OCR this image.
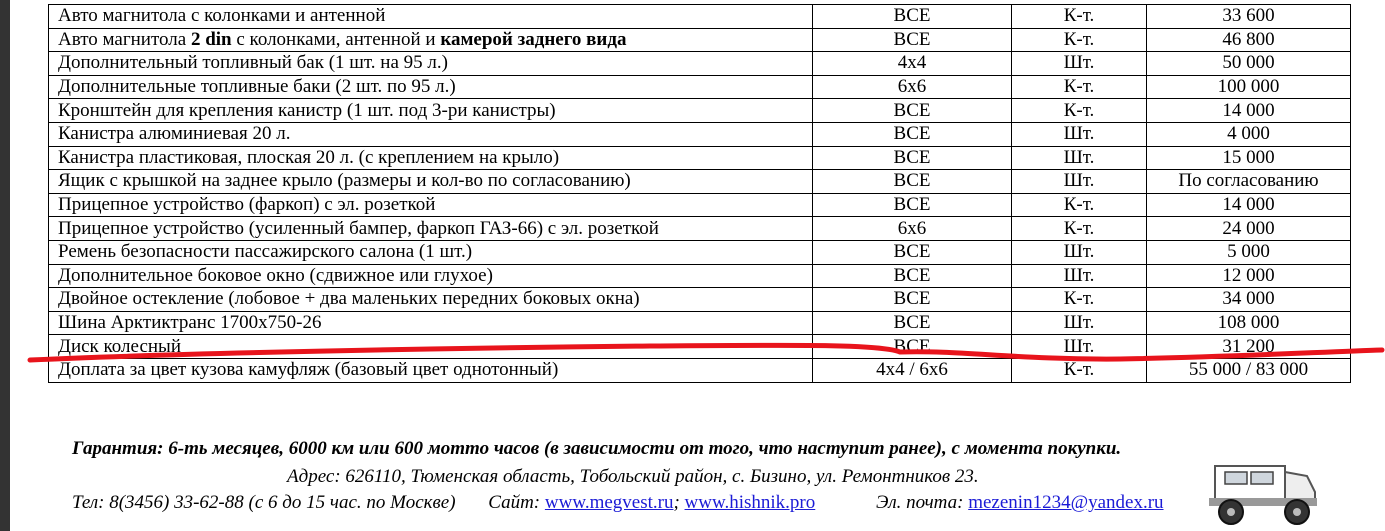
Авто магнитола с колонками и антенной	ВСЕ	К-т.	33 600
Авто магнитола 2 din с колонками, антенной и камерой заднего вида	ВСЕ	К-т.	46 800
Дополнительный топливный бак (1 шт. на 95 л.)	4х4	Шт.	50 000
Дополнительные топливные баки (2 шт. по 95 л.)	6х6	К-т.	100 000
Кронштейн для крепления канистр (1 шт. под 3-ри канистры)	ВСЕ	К-т.	14 000
Канистра алюминиевая 20 л.	ВСЕ	Шт.	4 000
Канистра пластиковая, плоская 20 л. (с креплением на крыло)	ВСЕ	Шт.	15 000
Ящик с крышкой на заднее крыло (размеры и кол-во по согласованию)	ВСЕ	Шт.	По согласованию
Прицепное устройство (фаркоп) с эл. розеткой	ВСЕ	К-т.	14 000
Прицепное устройство (усиленный бампер, фаркоп ГАЗ-66) с эл. розеткой	6х6	К-т.	24 000
Ремень безопасности пассажирского салона (1 шт.)	ВСЕ	Шт.	5 000
Дополнительное боковое окно (сдвижное или глухое)	ВСЕ	Шт.	12 000
Двойное остекление (лобовое + два маленьких передних боковых окна)	ВСЕ	К-т.	34 000
Шина Арктиктранс 1700х750-26	ВСЕ	Шт.	108 000
Диск колесный	ВСЕ	Шт.	31 200
Доплата за цвет кузова камуфляж (базовый цвет однотонный)	4х4 / 6х6	К-т.	55 000 / 83 000
Гарантия: 6-ть месяцев, 6000 км или 600 мотто часов (в зависимости от того, что наступит ранее), с момента покупки.
Адрес: 626110, Тюменская область, Тобольский район, с. Бизино, ул. Ремонтников 23.
Тел: 8(3456) 33-62-88 (с 6 до 15 час. по Москве) Сайт: www.megvest.ru; www.hishnik.pro	Эл. почта: mezenin1234@yandex.ru
